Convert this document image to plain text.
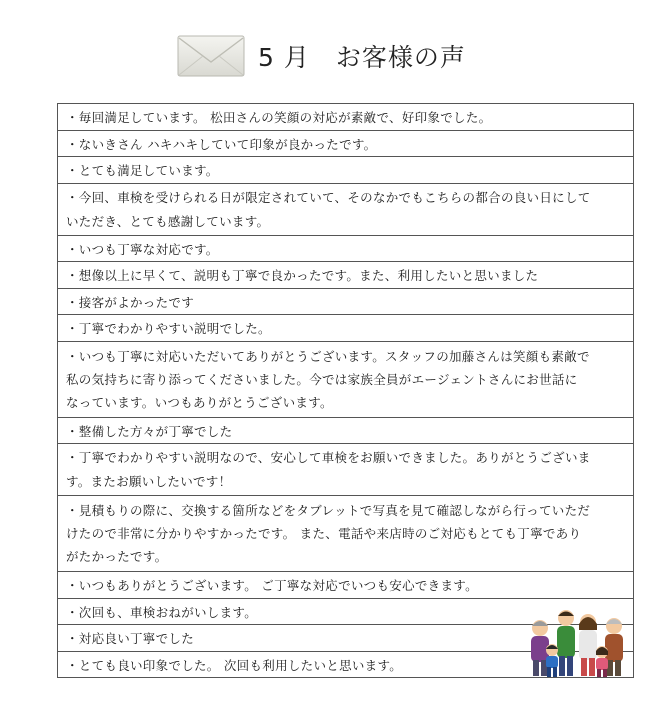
5 月　お客様の声
・毎回満足しています。 松田さんの笑顔の対応が素敵で、好印象でした。
・ないきさん ハキハキしていて印象が良かったです。
・とても満足しています。
・今回、車検を受けられる日が限定されていて、そのなかでもこちらの都合の良い日にして
いただき、とても感謝しています。
・いつも丁寧な対応です。
・想像以上に早くて、説明も丁寧で良かったです。また、利用したいと思いました
・接客がよかったです
・丁寧でわかりやすい説明でした。
・いつも丁寧に対応いただいてありがとうございます。スタッフの加藤さんは笑顔も素敵で
私の気持ちに寄り添ってくださいました。今では家族全員がエージェントさんにお世話に
なっています。いつもありがとうございます。
・整備した方々が丁寧でした
・丁寧でわかりやすい説明なので、安心して車検をお願いできました。ありがとうございま
す。またお願いしたいです！
・見積もりの際に、交換する箇所などをタブレットで写真を見て確認しながら行っていただ
けたので非常に分かりやすかったです。 また、電話や来店時のご対応もとても丁寧であり
がたかったです。
・いつもありがとうございます。 ご丁寧な対応でいつも安心できます。
・次回も、車検おねがいします。
・対応良い丁寧でした
・とても良い印象でした。 次回も利用したいと思います。
